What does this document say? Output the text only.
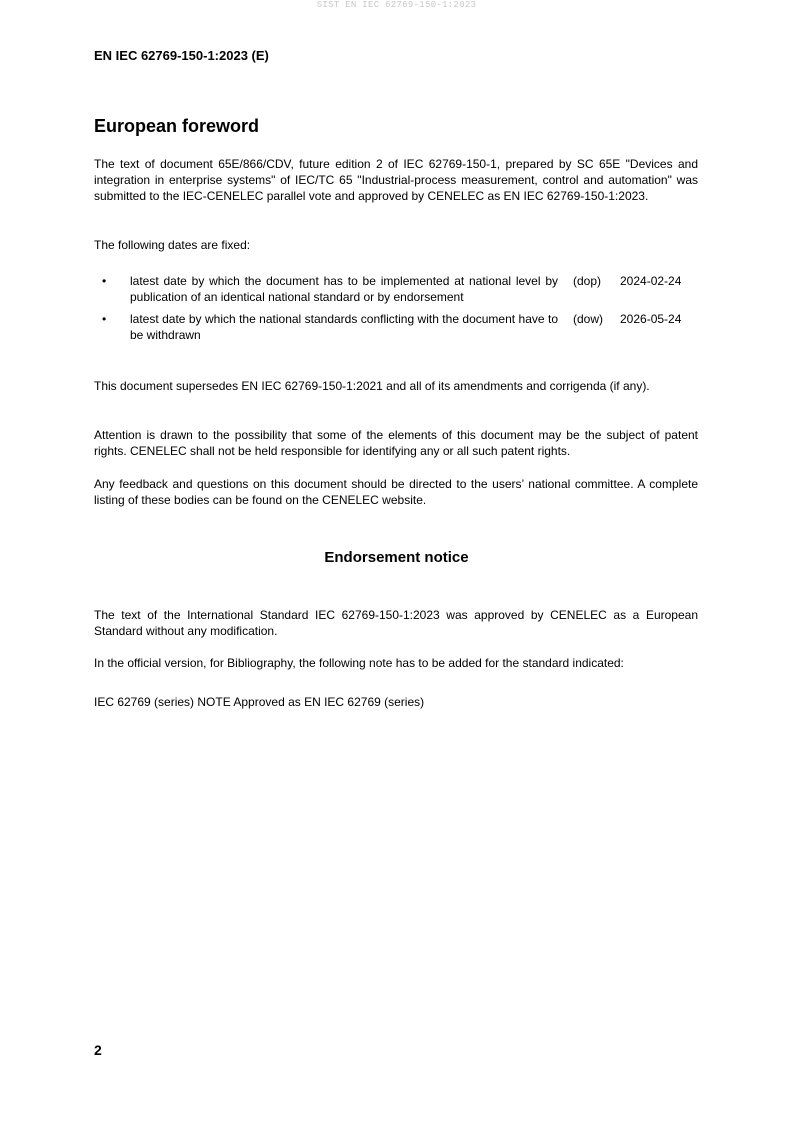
SIST EN IEC 62769-150-1:2023
EN IEC 62769-150-1:2023 (E)
European foreword

The text of document 65E/866/CDV, future edition 2 of IEC 62769-150-1, prepared by SC 65E "Devices and integration in enterprise systems" of IEC/TC 65 "Industrial-process measurement, control and automation" was submitted to the IEC-CENELEC parallel vote and approved by CENELEC as EN IEC 62769-150-1:2023.

The following dates are fixed:

• latest date by which the document has to be implemented at national level by publication of an identical national standard or by endorsement
(dop) 2024-02-24
• latest date by which the national standards conflicting with the document have to be withdrawn
(dow) 2026-05-24

This document supersedes EN IEC 62769-150-1:2021 and all of its amendments and corrigenda (if any).

Attention is drawn to the possibility that some of the elements of this document may be the subject of patent rights. CENELEC shall not be held responsible for identifying any or all such patent rights.

Any feedback and questions on this document should be directed to the users’ national committee. A complete listing of these bodies can be found on the CENELEC website.

Endorsement notice

The text of the International Standard IEC 62769-150-1:2023 was approved by CENELEC as a European Standard without any modification.

In the official version, for Bibliography, the following note has to be added for the standard indicated:

IEC 62769 (series) NOTE Approved as EN IEC 62769 (series)

2
